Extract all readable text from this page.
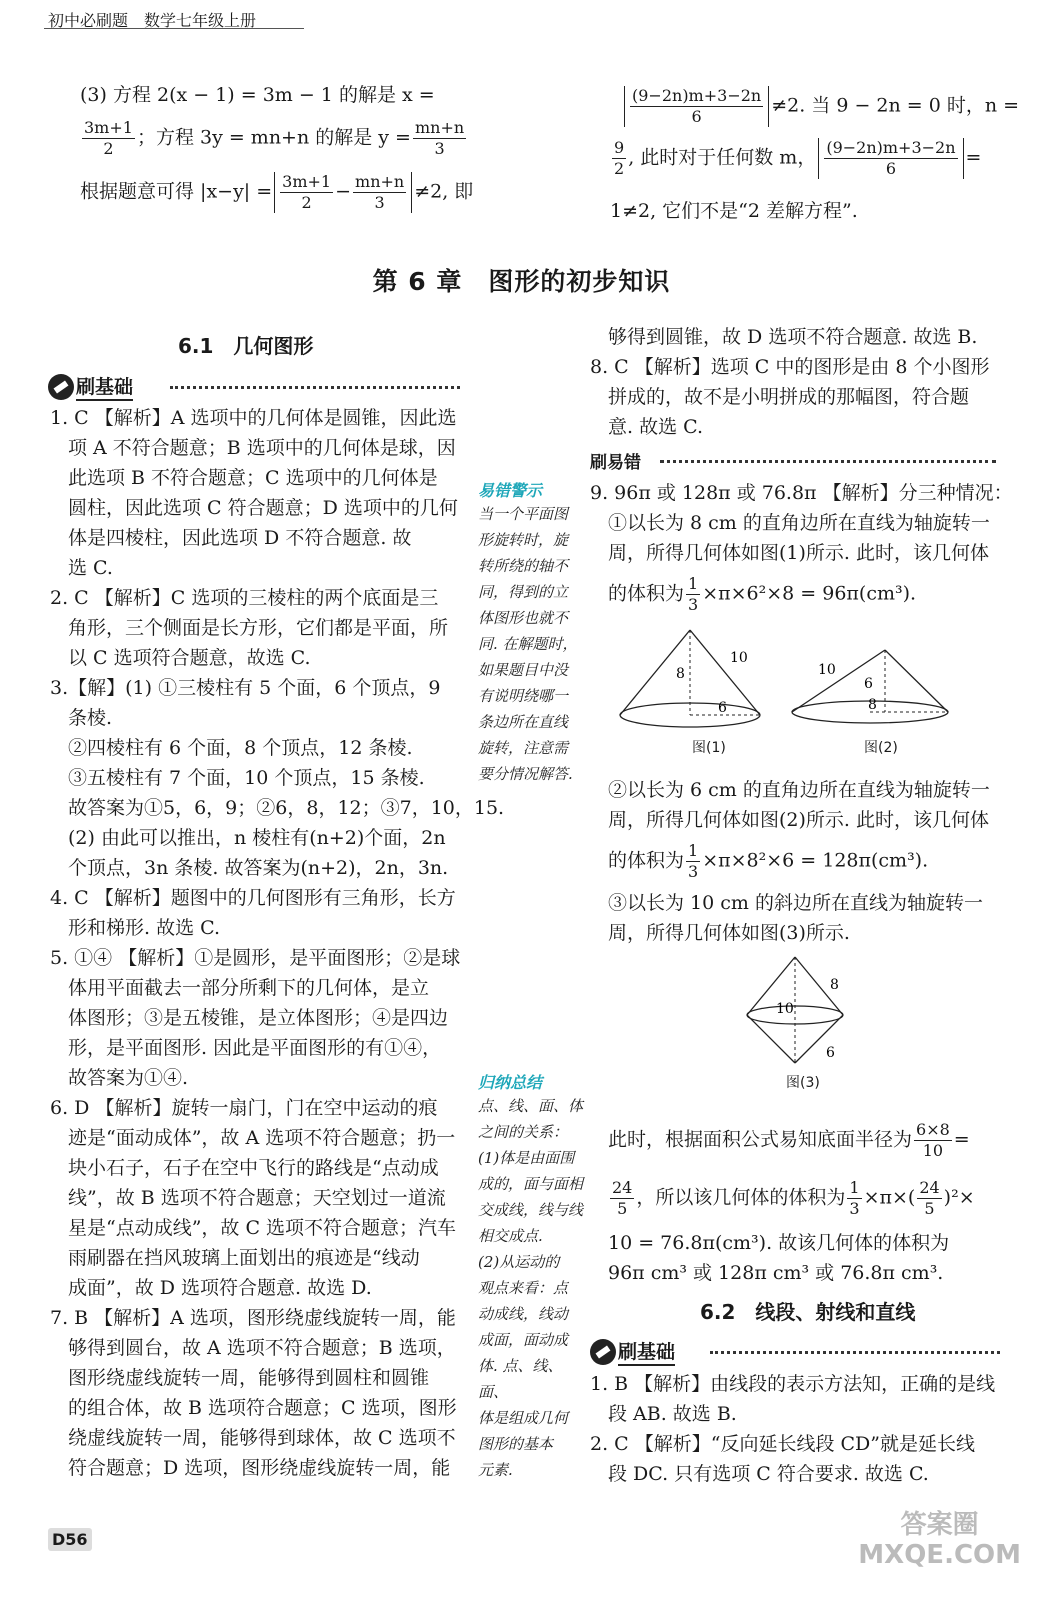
初中必刷题　数学七年级上册
(3) 方程 2(x − 1) = 3m − 1 的解是 x =
$\frac{3m+1}{2}$ ；方程 3y = mn+n 的解是 $y = \frac{mn+n}{3}$
根据题意可得 $|x-y| = \frac{3m+1}{2} - \frac{mn+n}{3} \ne 2$, 即
$\frac{(9-2n)m+3-2n}{6} \ne 2$. 当 9 − 2n = 0 时，n =
$\frac{9}{2}$ , 此时对于任何数 m， $\frac{(9-2n)m+3-2n}{6}$ =
1≠2, 它们不是“2 差解方程”.
第 6 章　图形的初步知识
6.1　几何图形
刷基础
1. C 【解析】A 选项中的几何体是圆锥，因此选
项 A 不符合题意；B 选项中的几何体是球，因
此选项 B 不符合题意；C 选项中的几何体是
圆柱，因此选项 C 符合题意；D 选项中的几何
体是四棱柱，因此选项 D 不符合题意. 故
选 C.
2. C 【解析】C 选项的三棱柱的两个底面是三
角形，三个侧面是长方形，它们都是平面，所
以 C 选项符合题意，故选 C.
3.【解】(1) ①三棱柱有 5 个面，6 个顶点，9
条棱.
②四棱柱有 6 个面，8 个顶点，12 条棱.
③五棱柱有 7 个面，10 个顶点，15 条棱.
故答案为①5，6，9；②6，8，12；③7，10，15.
(2) 由此可以推出，n 棱柱有(n+2)个面，2n
个顶点，3n 条棱. 故答案为(n+2)，2n，3n.
4. C 【解析】题图中的几何图形有三角形，长方
形和梯形. 故选 C.
5. ①④ 【解析】①是圆形，是平面图形；②是球
体用平面截去一部分所剩下的几何体，是立
体图形；③是五棱锥，是立体图形；④是四边
形，是平面图形. 因此是平面图形的有①④，
故答案为①④.
6. D 【解析】旋转一扇门，门在空中运动的痕
迹是“面动成体”，故 A 选项不符合题意；扔一
块小石子，石子在空中飞行的路线是“点动成
线”，故 B 选项不符合题意；天空划过一道流
星是“点动成线”，故 C 选项不符合题意；汽车
雨刷器在挡风玻璃上面划出的痕迹是“线动
成面”，故 D 选项符合题意. 故选 D.
7. B 【解析】A 选项，图形绕虚线旋转一周，能
够得到圆台，故 A 选项不符合题意；B 选项，
图形绕虚线旋转一周，能够得到圆柱和圆锥
的组合体，故 B 选项符合题意；C 选项，图形
绕虚线旋转一周，能够得到球体，故 C 选项不
符合题意；D 选项，图形绕虚线旋转一周，能
易错警示
当一个平面图
形旋转时，旋
转所绕的轴不
同，得到的立
体图形也就不
同. 在解题时，
如果题目中没
有说明绕哪一
条边所在直线
旋转，注意需
要分情况解答.
归纳总结
点、线、面、体
之间的关系：
(1)体是由面围
成的，面与面相
交成线，线与线
相交成点.
(2)从运动的
观点来看：点
动成线，线动
成面，面动成
体. 点、线、面、
体是组成几何
图形的基本
元素.
够得到圆锥，故 D 选项不符合题意. 故选 B.
8. C 【解析】选项 C 中的图形是由 8 个小图形
拼成的，故不是小明拼成的那幅图，符合题
意. 故选 C.
刷易错
9. 96π 或 128π 或 76.8π 【解析】分三种情况：
①以长为 8 cm 的直角边所在直线为轴旋转一
周，所得几何体如图(1)所示. 此时，该几何体
的体积为 $\frac{1}{3} \times\pi\times 6^2\times 8 = 96\pi(cm^3)$.
8
10
6
10
6
8
图(1)	图(2)
②以长为 6 cm 的直角边所在直线为轴旋转一
周，所得几何体如图(2)所示. 此时，该几何体
的体积为 $\frac{1}{3} \times\pi\times 8^2\times 6 = 128\pi(cm^3)$.
③以长为 10 cm 的斜边所在直线为轴旋转一
周，所得几何体如图(3)所示.
8
10
6
图(3)
此时，根据面积公式易知底面半径为 $\frac{6\times 8}{10}$ =
$\frac{24}{5}$ ，所以该几何体的体积为 $\frac{1}{3} \times\pi\times( \frac{24}{5} )^2\times$
10 = 76.8π(cm³). 故该几何体的体积为
96π cm³ 或 128π cm³ 或 76.8π cm³.
6.2　线段、射线和直线
刷基础
1. B 【解析】由线段的表示方法知，正确的是线
段 AB. 故选 B.
2. C 【解析】“反向延长线段 CD”就是延长线
段 DC. 只有选项 C 符合要求. 故选 C.
D56	答案圈
MXQE.COM
